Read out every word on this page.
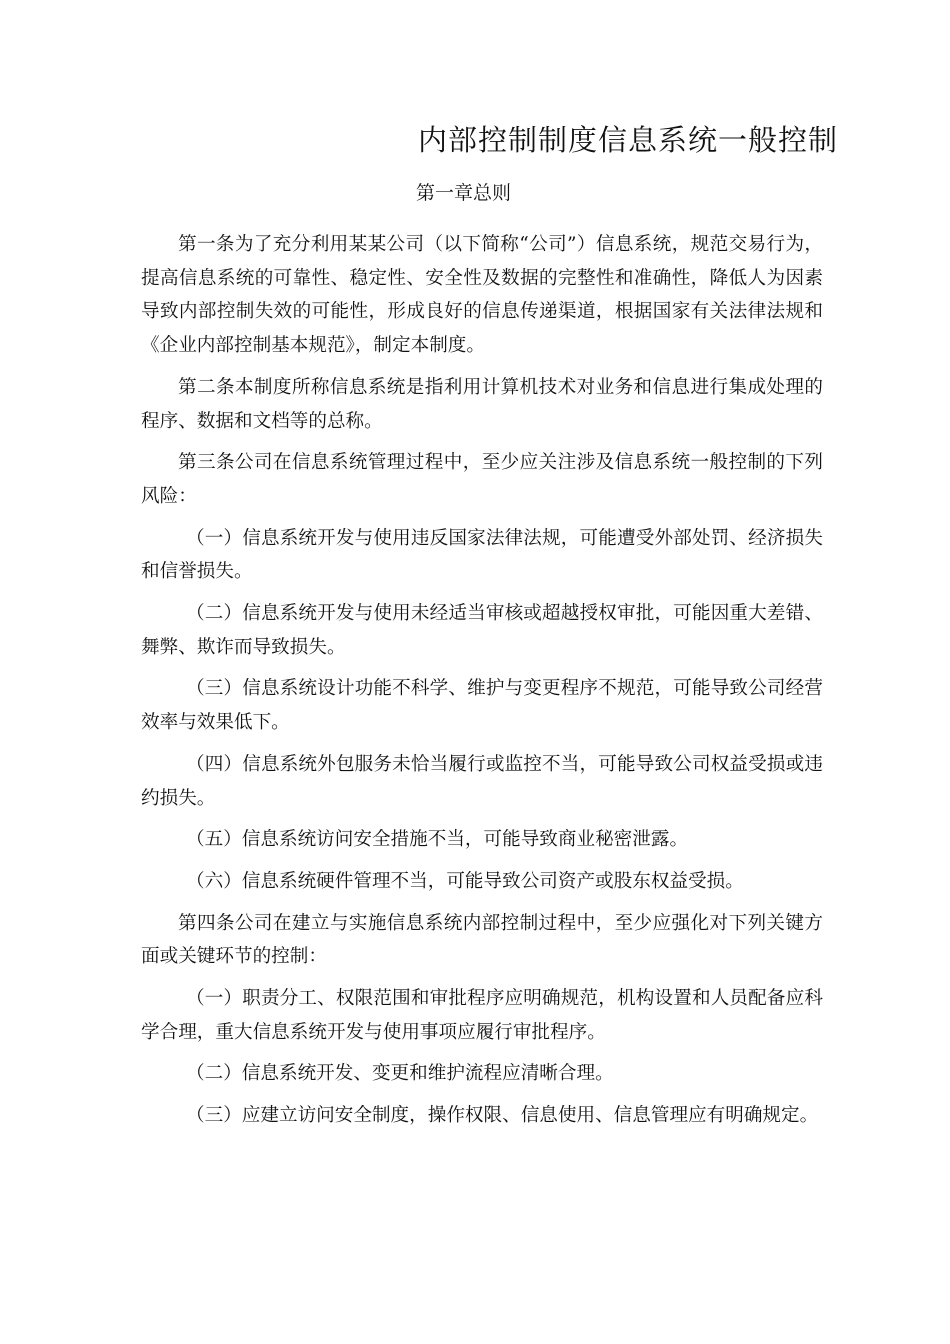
内部控制制度信息系统一般控制
第一章总则

第一条为了充分利用某某公司（以下简称“公司”）信息系统，规范交易行为，提高信息系统的可靠性、稳定性、安全性及数据的完整性和准确性，降低人为因素导致内部控制失效的可能性，形成良好的信息传递渠道，根据国家有关法律法规和《企业内部控制基本规范》，制定本制度。

第二条本制度所称信息系统是指利用计算机技术对业务和信息进行集成处理的程序、数据和文档等的总称。

第三条公司在信息系统管理过程中，至少应关注涉及信息系统一般控制的下列风险：

（一）信息系统开发与使用违反国家法律法规，可能遭受外部处罚、经济损失和信誉损失。

（二）信息系统开发与使用未经适当审核或超越授权审批，可能因重大差错、舞弊、欺诈而导致损失。

（三）信息系统设计功能不科学、维护与变更程序不规范，可能导致公司经营效率与效果低下。

（四）信息系统外包服务未恰当履行或监控不当，可能导致公司权益受损或违约损失。

（五）信息系统访问安全措施不当，可能导致商业秘密泄露。

（六）信息系统硬件管理不当，可能导致公司资产或股东权益受损。

第四条公司在建立与实施信息系统内部控制过程中，至少应强化对下列关键方面或关键环节的控制：

（一）职责分工、权限范围和审批程序应明确规范，机构设置和人员配备应科学合理，重大信息系统开发与使用事项应履行审批程序。

（二）信息系统开发、变更和维护流程应清晰合理。

（三）应建立访问安全制度，操作权限、信息使用、信息管理应有明确规定。
